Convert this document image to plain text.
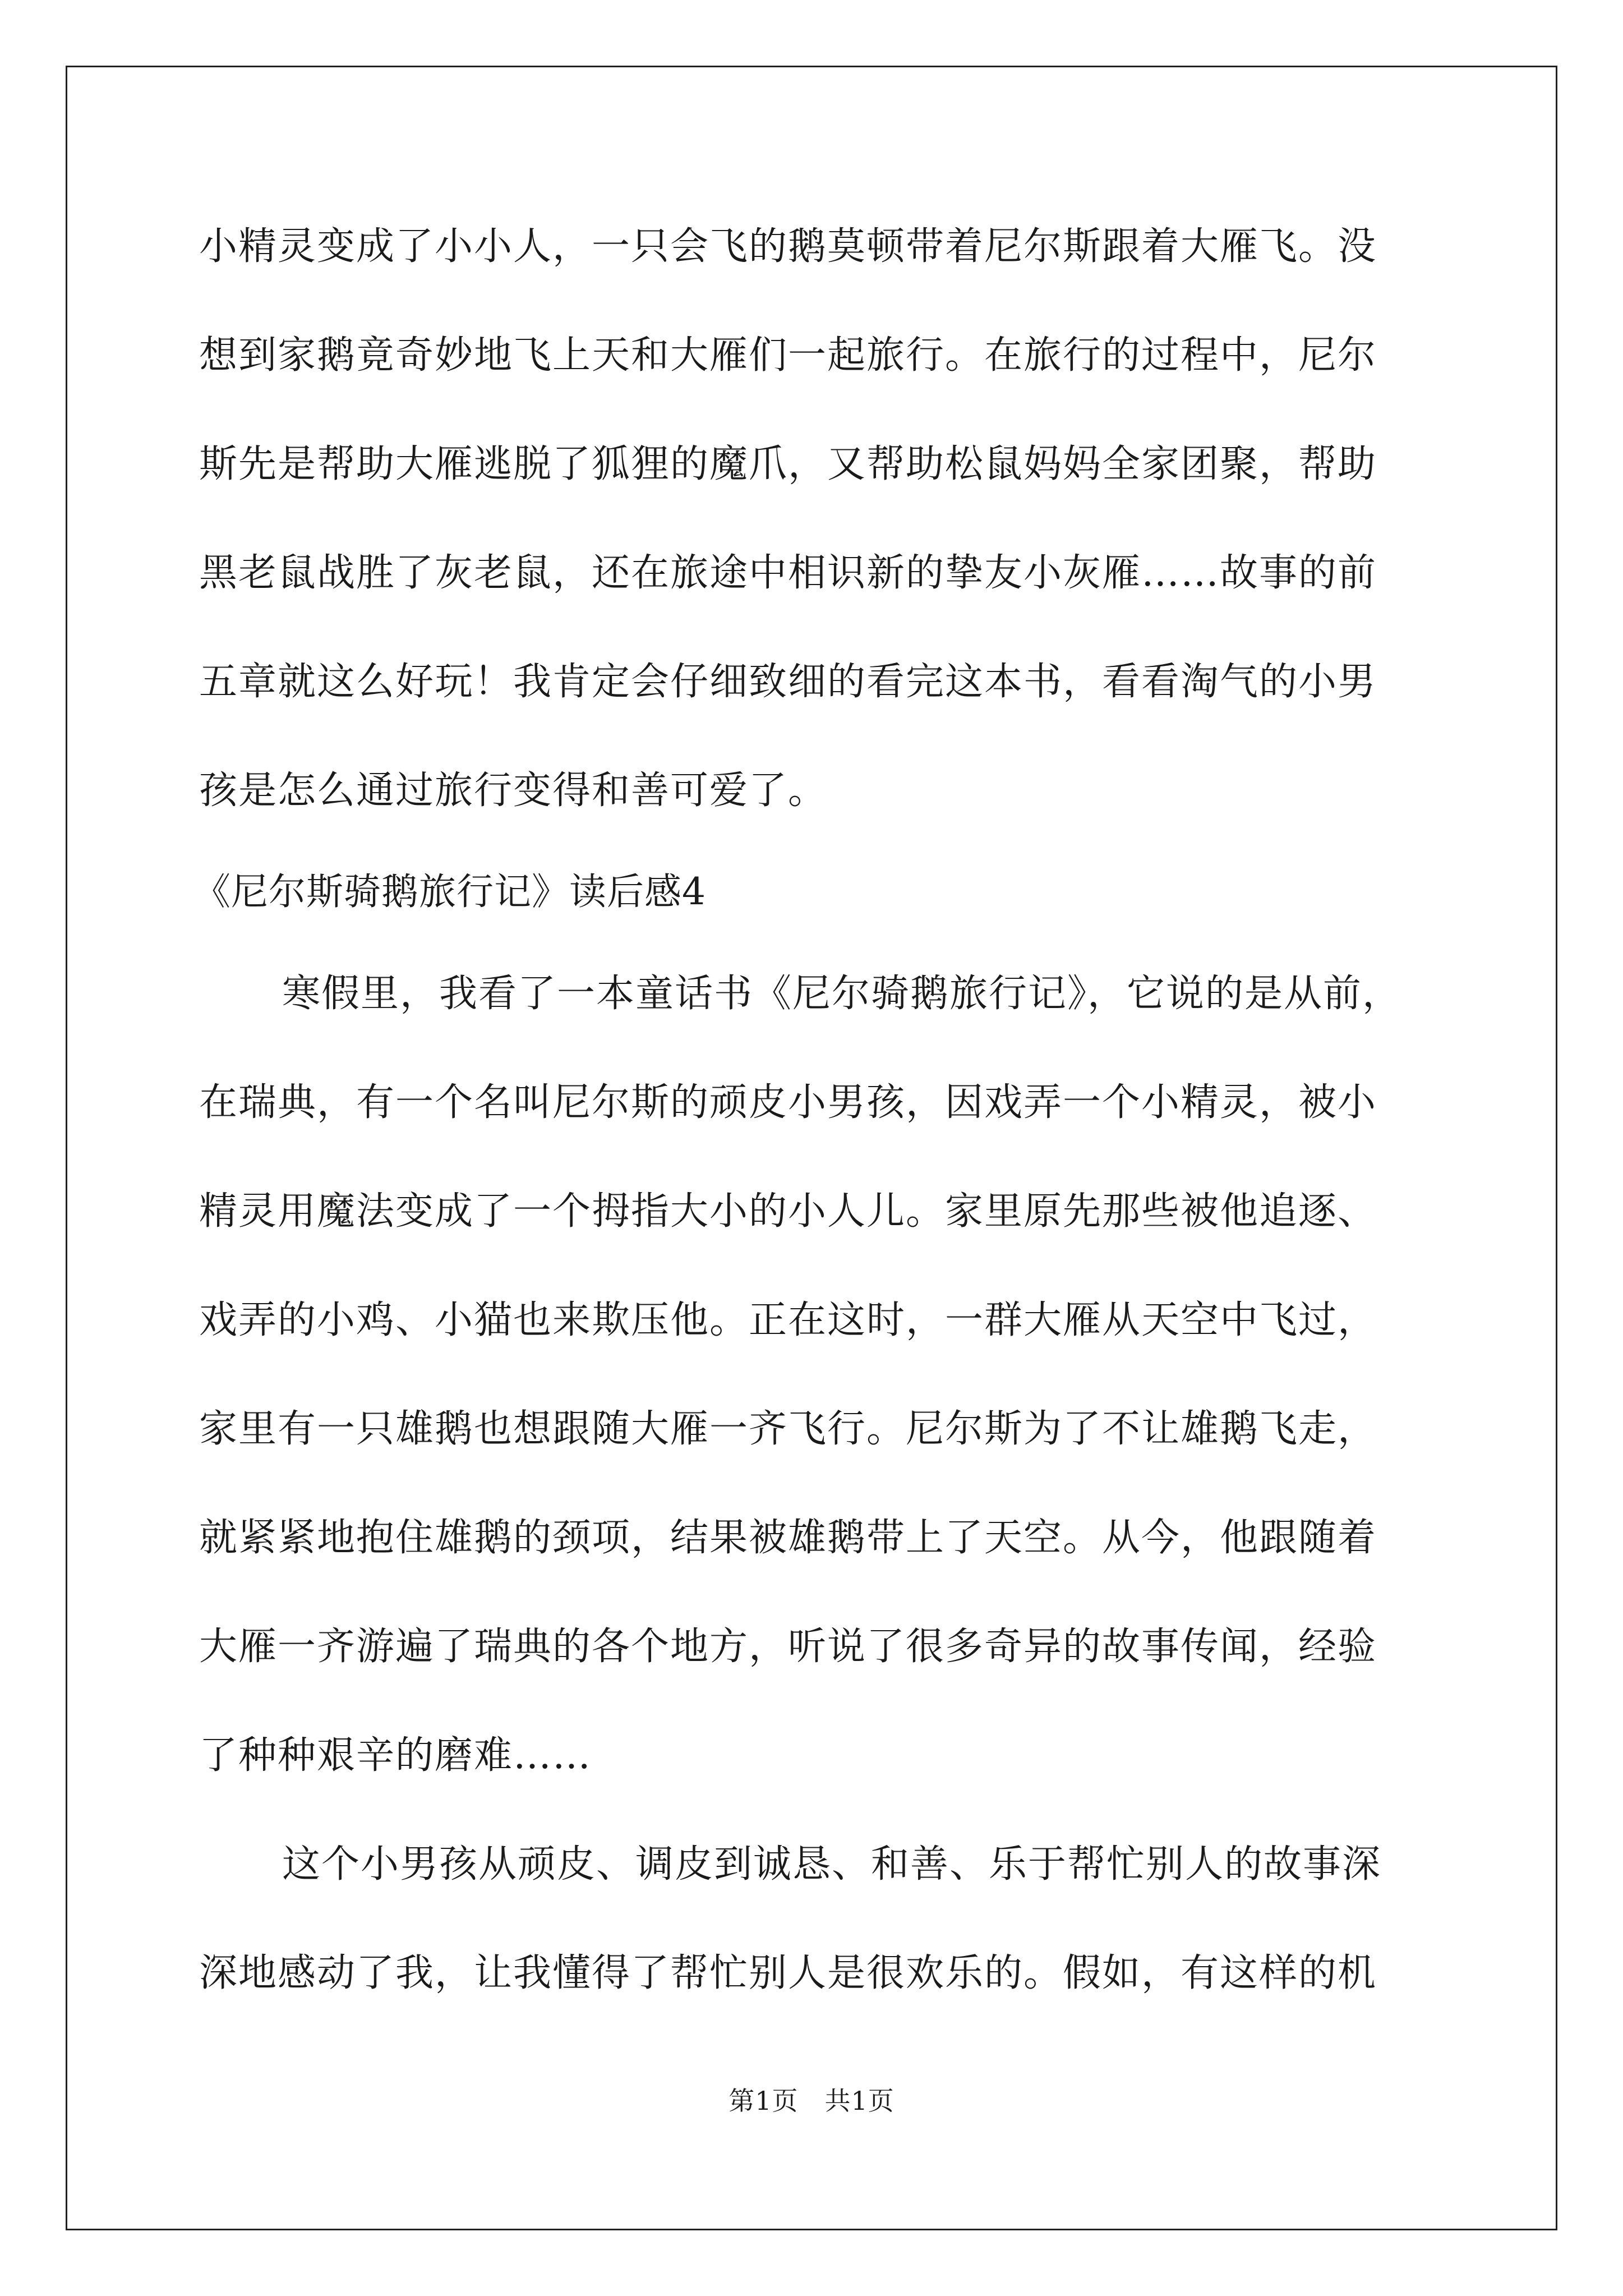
小精灵变成了小小人，一只会飞的鹅莫顿带着尼尔斯跟着大雁飞。没
想到家鹅竟奇妙地飞上天和大雁们一起旅行。在旅行的过程中，尼尔
斯先是帮助大雁逃脱了狐狸的魔爪，又帮助松鼠妈妈全家团聚，帮助
黑老鼠战胜了灰老鼠，还在旅途中相识新的挚友小灰雁……故事的前
五章就这么好玩！我肯定会仔细致细的看完这本书，看看淘气的小男
孩是怎么通过旅行变得和善可爱了。
《尼尔斯骑鹅旅行记》读后感4
寒假里，我看了一本童话书《尼尔骑鹅旅行记》，它说的是从前，
在瑞典，有一个名叫尼尔斯的顽皮小男孩，因戏弄一个小精灵，被小
精灵用魔法变成了一个拇指大小的小人儿。家里原先那些被他追逐、
戏弄的小鸡、小猫也来欺压他。正在这时，一群大雁从天空中飞过，
家里有一只雄鹅也想跟随大雁一齐飞行。尼尔斯为了不让雄鹅飞走，
就紧紧地抱住雄鹅的颈项，结果被雄鹅带上了天空。从今，他跟随着
大雁一齐游遍了瑞典的各个地方，听说了很多奇异的故事传闻，经验
了种种艰辛的磨难……
这个小男孩从顽皮、调皮到诚恳、和善、乐于帮忙别人的故事深
深地感动了我，让我懂得了帮忙别人是很欢乐的。假如，有这样的机
第1页　共1页
